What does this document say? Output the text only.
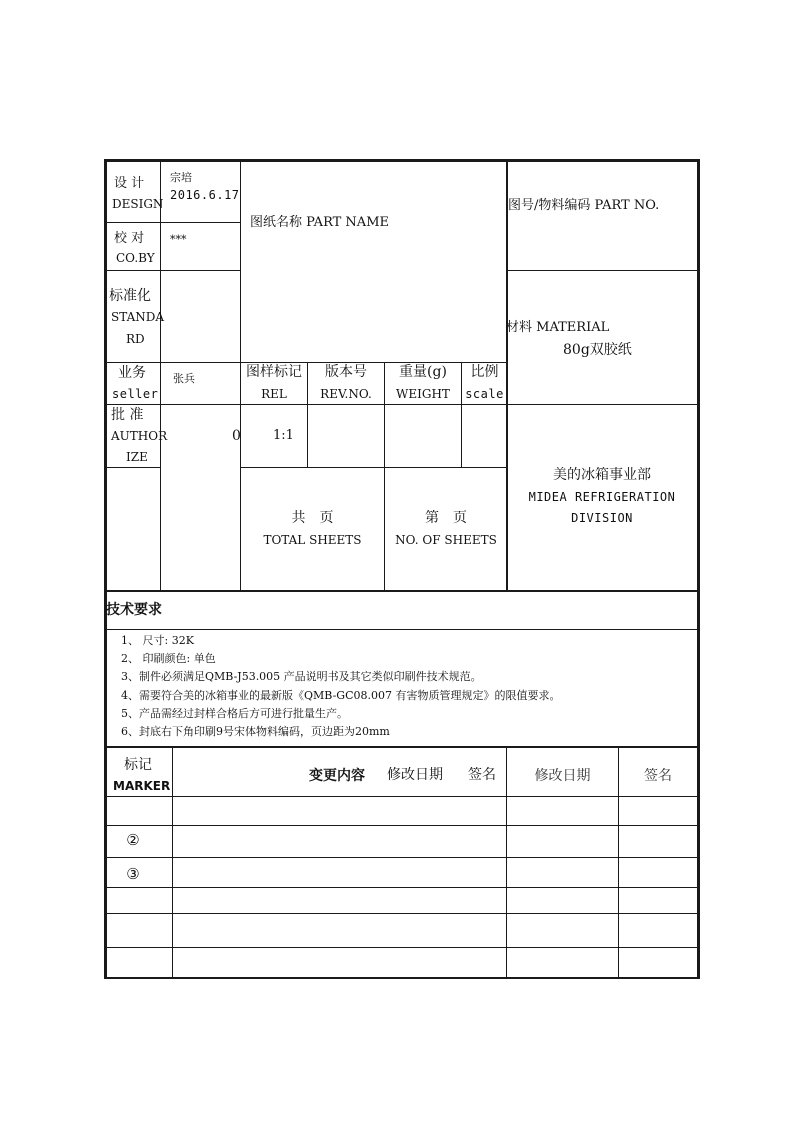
设 计
DESIGN
宗培
2016.6.17
校 对
CO.BY
***
标准化
STANDA
RD
业务
seller
张兵
批 准
AUTHOR
IZE
图纸名称 PART NAME
图号/物料编码 PART NO.
材料 MATERIAL
80g双胶纸
图样标记
REL
版本号
REV.NO.
重量(g)
WEIGHT
比例
scale
0 1:1
美的冰箱事业部
MIDEA REFRIGERATION
DIVISION
共　页
TOTAL SHEETS
第　页
NO. OF SHEETS
技术要求
1、 尺寸: 32K
2、 印刷颜色: 单色
3、制件必须满足QMB-J53.005 产品说明书及其它类似印刷件技术规范。
4、需要符合美的冰箱事业的最新版《QMB-GC08.007 有害物质管理规定》的限值要求。
5、产品需经过封样合格后方可进行批量生产。
6、封底右下角印刷9号宋体物料编码，页边距为20mm
标记
MARKER
变更内容 修改日期 签名	修改日期	签名
②
③
